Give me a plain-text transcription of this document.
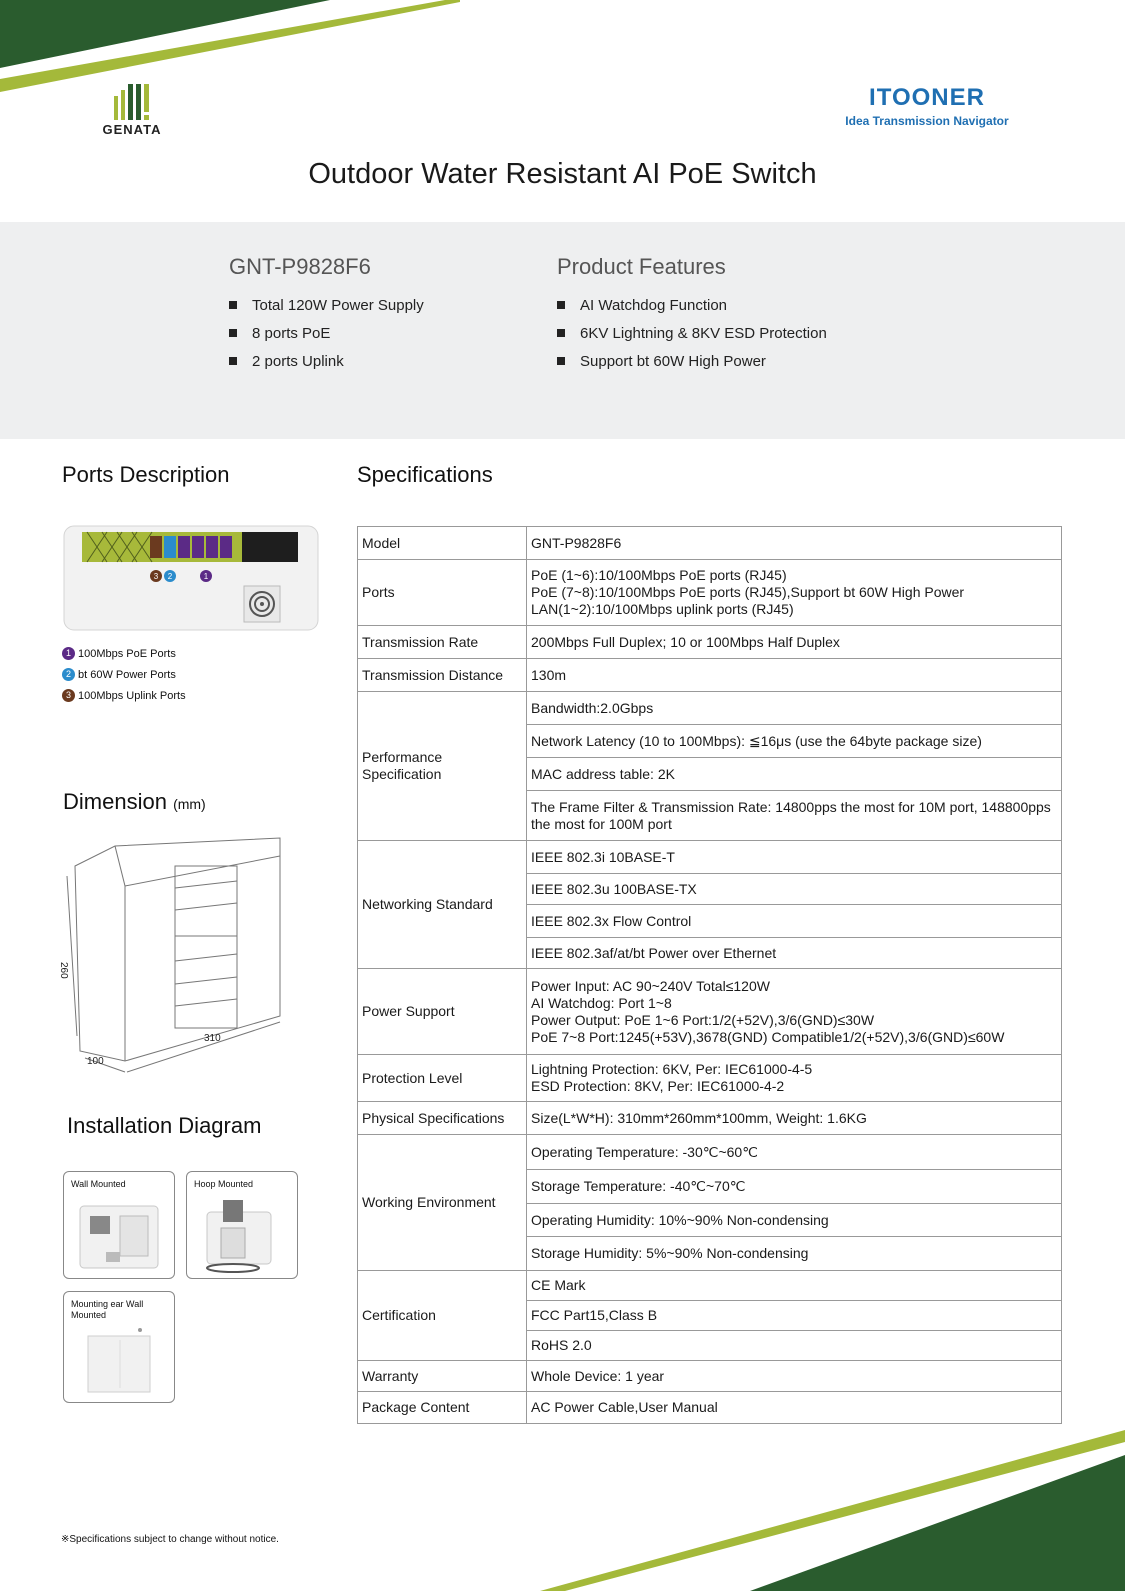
GENATA
ITOONER
Idea Transmission Navigator
Outdoor Water Resistant AI PoE Switch
GNT-P9828F6
Total 120W Power Supply
8 ports PoE
2 ports Uplink
Product Features
AI Watchdog Function
6KV Lightning & 8KV ESD Protection
Support bt 60W High Power
Ports Description
3 2	1
1 100Mbps PoE Ports
2 bt 60W Power Ports
3 100Mbps Uplink Ports
Dimension (mm)
260
100
310
Installation Diagram
Wall Mounted	Hoop Mounted
Mounting ear Wall Mounted
Specifications
Model	GNT-P9828F6
Ports	PoE (1~6):10/100Mbps PoE ports (RJ45)
PoE (7~8):10/100Mbps PoE ports (RJ45),Support bt 60W High Power
LAN(1~2):10/100Mbps uplink ports (RJ45)

Transmission Rate	200Mbps Full Duplex; 10 or 100Mbps Half Duplex
Transmission Distance	130m
Performance Specification	Bandwidth:2.0Gbps
	Network Latency (10 to 100Mbps): ≦16μs (use the 64byte package size)
	MAC address table: 2K
	The Frame Filter & Transmission Rate: 14800pps the most for 10M port, 148800pps the most for 100M port
Networking Standard	IEEE 802.3i 10BASE-T
	IEEE 802.3u 100BASE-TX
	IEEE 802.3x Flow Control
	IEEE 802.3af/at/bt Power over Ethernet
Power Support	Power Input: AC 90~240V Total≤120W
AI Watchdog: Port 1~8
Power Output: PoE 1~6 Port:1/2(+52V),3/6(GND)≤30W
PoE 7~8 Port:1245(+53V),3678(GND) Compatible1/2(+52V),3/6(GND)≤60W

Protection Level	Lightning Protection: 6KV, Per: IEC61000-4-5
ESD Protection: 8KV, Per: IEC61000-4-2

Physical Specifications	Size(L*W*H): 310mm*260mm*100mm, Weight: 1.6KG
Working Environment	Operating Temperature: -30℃~60℃
	Storage Temperature: -40℃~70℃
	Operating Humidity: 10%~90% Non-condensing
	Storage Humidity: 5%~90% Non-condensing
Certification	CE Mark
	FCC Part15,Class B
	RoHS 2.0
Warranty	Whole Device: 1 year
Package Content	AC Power Cable,User Manual
※Specifications subject to change without notice.
